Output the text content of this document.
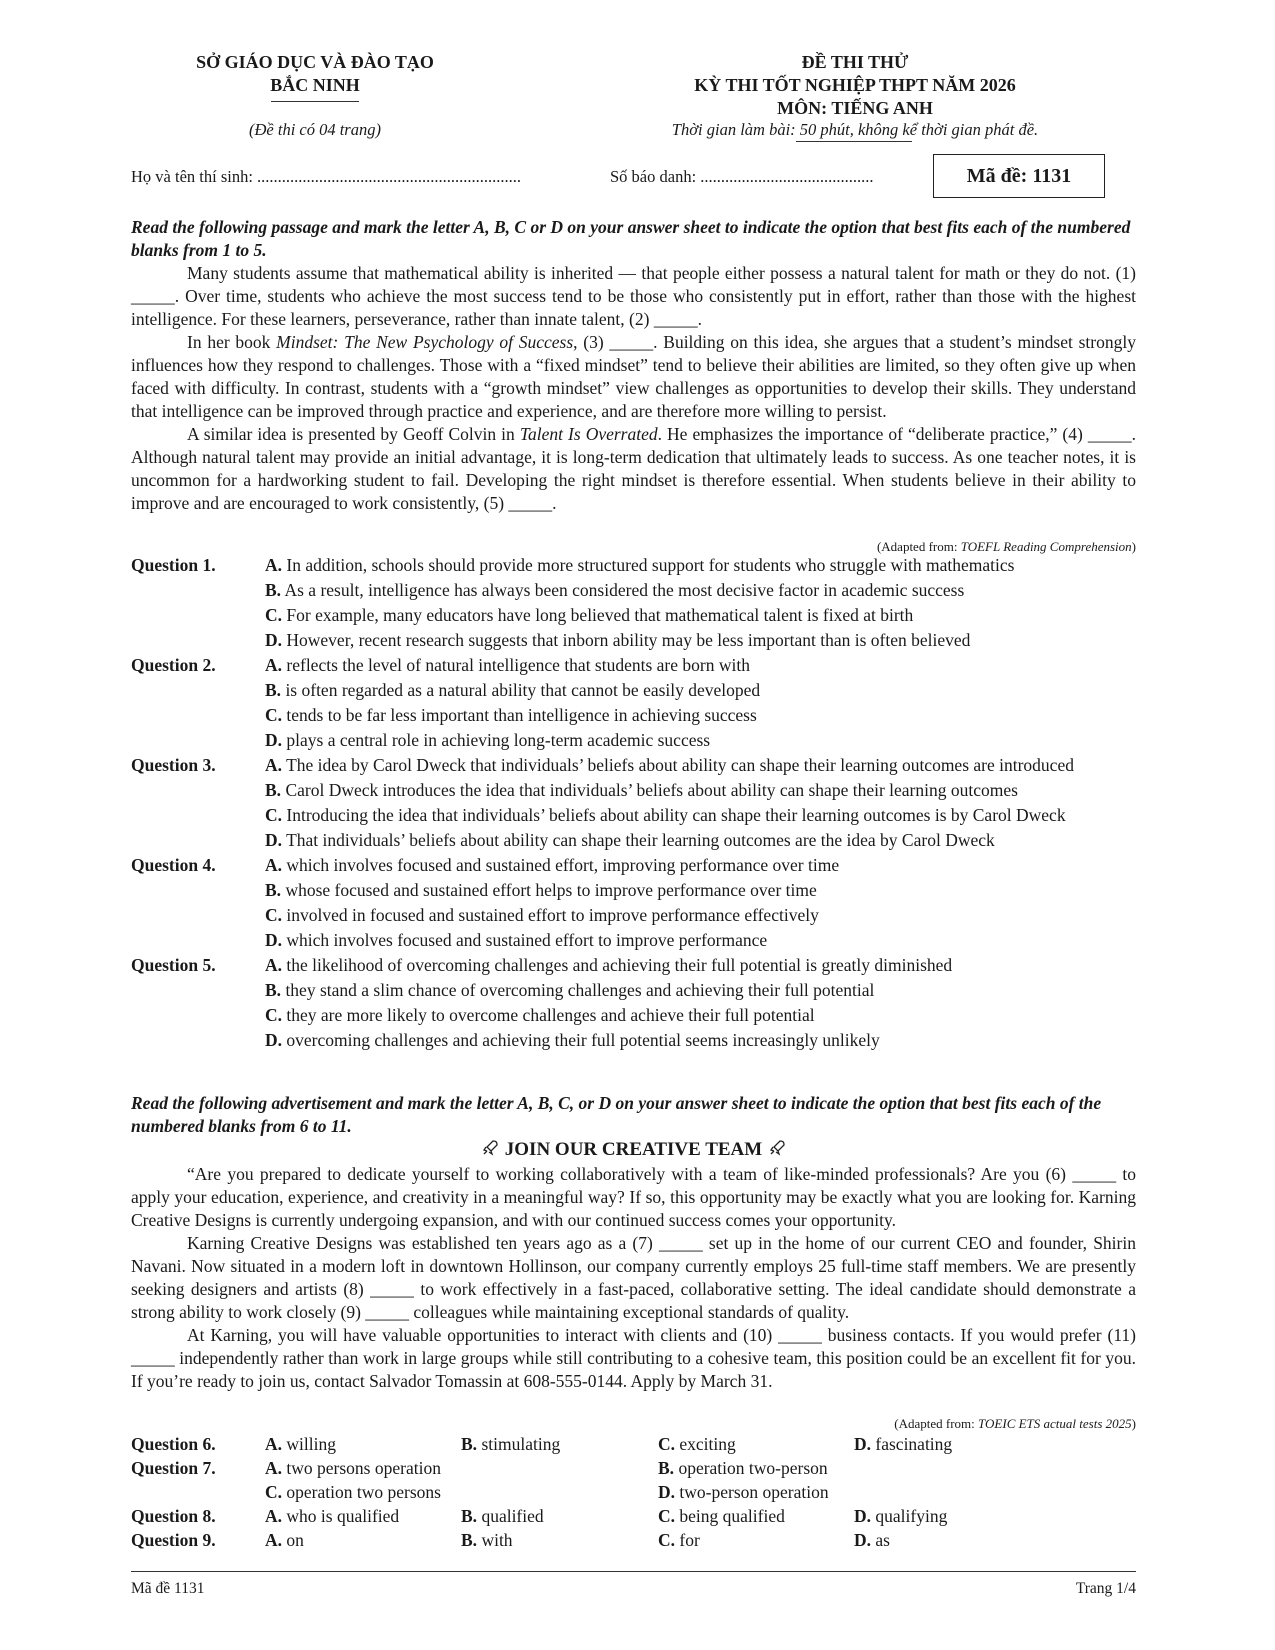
SỞ GIÁO DỤC VÀ ĐÀO TẠO
BẮC NINH
(Đề thi có 04 trang)
ĐỀ THI THỬ
KỲ THI TỐT NGHIỆP THPT NĂM 2026
MÔN: TIẾNG ANH
Thời gian làm bài: 50 phút, không kể thời gian phát đề.
Họ và tên thí sinh: ................................................................	Số báo danh: ..........................................	Mã đề: 1131
Read the following passage and mark the letter A, B, C or D on your answer sheet to indicate the option that best fits each of the numbered blanks from 1 to 5.

Many students assume that mathematical ability is inherited — that people either possess a natural talent for math or they do not. (1) _____. Over time, students who achieve the most success tend to be those who consistently put in effort, rather than those with the highest intelligence. For these learners, perseverance, rather than innate talent, (2) _____.

In her book Mindset: The New Psychology of Success, (3) _____. Building on this idea, she argues that a student’s mindset strongly influences how they respond to challenges. Those with a “fixed mindset” tend to believe their abilities are limited, so they often give up when faced with difficulty. In contrast, students with a “growth mindset” view challenges as opportunities to develop their skills. They understand that intelligence can be improved through practice and experience, and are therefore more willing to persist.

A similar idea is presented by Geoff Colvin in Talent Is Overrated. He emphasizes the importance of “deliberate practice,” (4) _____. Although natural talent may provide an initial advantage, it is long-term dedication that ultimately leads to success. As one teacher notes, it is uncommon for a hardworking student to fail. Developing the right mindset is therefore essential. When students believe in their ability to improve and are encouraged to work consistently, (5) _____.

(Adapted from: TOEFL Reading Comprehension)
Question 1.	A. In addition, schools should provide more structured support for students who struggle with mathematics
B. As a result, intelligence has always been considered the most decisive factor in academic success
C. For example, many educators have long believed that mathematical talent is fixed at birth
D. However, recent research suggests that inborn ability may be less important than is often believed
Question 2.	A. reflects the level of natural intelligence that students are born with
B. is often regarded as a natural ability that cannot be easily developed
C. tends to be far less important than intelligence in achieving success
D. plays a central role in achieving long-term academic success
Question 3.	A. The idea by Carol Dweck that individuals’ beliefs about ability can shape their learning outcomes are introduced
B. Carol Dweck introduces the idea that individuals’ beliefs about ability can shape their learning outcomes
C. Introducing the idea that individuals’ beliefs about ability can shape their learning outcomes is by Carol Dweck
D. That individuals’ beliefs about ability can shape their learning outcomes are the idea by Carol Dweck
Question 4.	A. which involves focused and sustained effort, improving performance over time
B. whose focused and sustained effort helps to improve performance over time
C. involved in focused and sustained effort to improve performance effectively
D. which involves focused and sustained effort to improve performance
Question 5.	A. the likelihood of overcoming challenges and achieving their full potential is greatly diminished
B. they stand a slim chance of overcoming challenges and achieving their full potential
C. they are more likely to overcome challenges and achieve their full potential
D. overcoming challenges and achieving their full potential seems increasingly unlikely
Read the following advertisement and mark the letter A, B, C, or D on your answer sheet to indicate the option that best fits each of the numbered blanks from 6 to 11.
JOIN OUR CREATIVE TEAM

“Are you prepared to dedicate yourself to working collaboratively with a team of like-minded professionals? Are you (6) _____ to apply your education, experience, and creativity in a meaningful way? If so, this opportunity may be exactly what you are looking for. Karning Creative Designs is currently undergoing expansion, and with our continued success comes your opportunity.

Karning Creative Designs was established ten years ago as a (7) _____ set up in the home of our current CEO and founder, Shirin Navani. Now situated in a modern loft in downtown Hollinson, our company currently employs 25 full-time staff members. We are presently seeking designers and artists (8) _____ to work effectively in a fast-paced, collaborative setting. The ideal candidate should demonstrate a strong ability to work closely (9) _____ colleagues while maintaining exceptional standards of quality.

At Karning, you will have valuable opportunities to interact with clients and (10) _____ business contacts. If you would prefer (11) _____ independently rather than work in large groups while still contributing to a cohesive team, this position could be an excellent fit for you. If you’re ready to join us, contact Salvador Tomassin at 608-555-0144. Apply by March 31.

(Adapted from: TOEIC ETS actual tests 2025)
Question 6.	A. willing	B. stimulating	C. exciting	D. fascinating
Question 7.	A. two persons operation	B. operation two-person
C. operation two persons	D. two-person operation
Question 8.	A. who is qualified	B. qualified	C. being qualified	D. qualifying
Question 9.	A. on	B. with	C. for	D. as
Mã đề 1131	Trang 1/4
